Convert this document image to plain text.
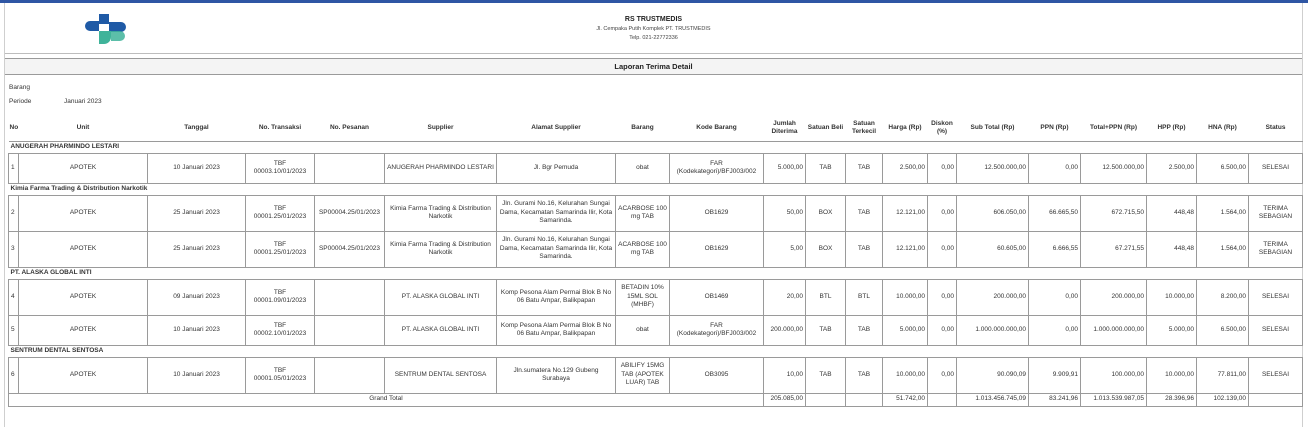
RS TRUSTMEDIS
Jl. Cempaka Putih Komplek PT. TRUSTMEDIS
Telp. 021-22772336
Laporan Terima Detail
Barang
Periode	Januari 2023
No	Unit	Tanggal	No. Transaksi	No. Pesanan	Supplier	Alamat Supplier	Barang	Kode Barang	Jumlah Diterima	Satuan Beli	Satuan Terkecil	Harga (Rp)	Diskon (%)	Sub Total (Rp)	PPN (Rp)	Total+PPN (Rp)	HPP (Rp)	HNA (Rp)	Status
ANUGERAH PHARMINDO LESTARI																			
1	APOTEK	10 Januari 2023	TBF 00003.10/01/2023		ANUGERAH PHARMINDO LESTARI	Jl. Bgr Pemuda	obat	FAR (Kodekategori)/BFJ003/002	5.000,00	TAB	TAB	2.500,00	0,00	12.500.000,00	0,00	12.500.000,00	2.500,00	6.500,00	SELESAI
Kimia Farma Trading & Distribution Narkotik																			
2	APOTEK	25 Januari 2023	TBF 00001.25/01/2023	SP00004.25/01/2023	Kimia Farma Trading & Distribution Narkotik	Jln. Gurami No.16, Kelurahan Sungai Dama, Kecamatan Samarinda Ilir, Kota Samarinda.	ACARBOSE 100 mg TAB	OB1629	50,00	BOX	TAB	12.121,00	0,00	606.050,00	66.665,50	672.715,50	448,48	1.564,00	TERIMA SEBAGIAN
3	APOTEK	25 Januari 2023	TBF 00001.25/01/2023	SP00004.25/01/2023	Kimia Farma Trading & Distribution Narkotik	Jln. Gurami No.16, Kelurahan Sungai Dama, Kecamatan Samarinda Ilir, Kota Samarinda.	ACARBOSE 100 mg TAB	OB1629	5,00	BOX	TAB	12.121,00	0,00	60.605,00	6.666,55	67.271,55	448,48	1.564,00	TERIMA SEBAGIAN
PT. ALASKA GLOBAL INTI																			
4	APOTEK	09 Januari 2023	TBF 00001.09/01/2023		PT. ALASKA GLOBAL INTI	Komp Pesona Alam Permai Blok B No 06 Batu Ampar, Balikpapan	BETADIN 10% 15ML SOL (MHBF)	OB1469	20,00	BTL	BTL	10.000,00	0,00	200.000,00	0,00	200.000,00	10.000,00	8.200,00	SELESAI
5	APOTEK	10 Januari 2023	TBF 00002.10/01/2023		PT. ALASKA GLOBAL INTI	Komp Pesona Alam Permai Blok B No 06 Batu Ampar, Balikpapan	obat	FAR (Kodekategori)/BFJ003/002	200.000,00	TAB	TAB	5.000,00	0,00	1.000.000.000,00	0,00	1.000.000.000,00	5.000,00	6.500,00	SELESAI
SENTRUM DENTAL SENTOSA																			
6	APOTEK	10 Januari 2023	TBF 00001.05/01/2023		SENTRUM DENTAL SENTOSA	Jln.sumatera No.129 Gubeng Surabaya	ABILIFY 15MG TAB (APOTEK LUAR) TAB	OB3095	10,00	TAB	TAB	10.000,00	0,00	90.090,09	9.909,91	100.000,00	10.000,00	77.811,00	SELESAI
Grand Total									205.085,00			51.742,00		1.013.456.745,09	83.241,96	1.013.539.987,05	28.396,96	102.139,00	
